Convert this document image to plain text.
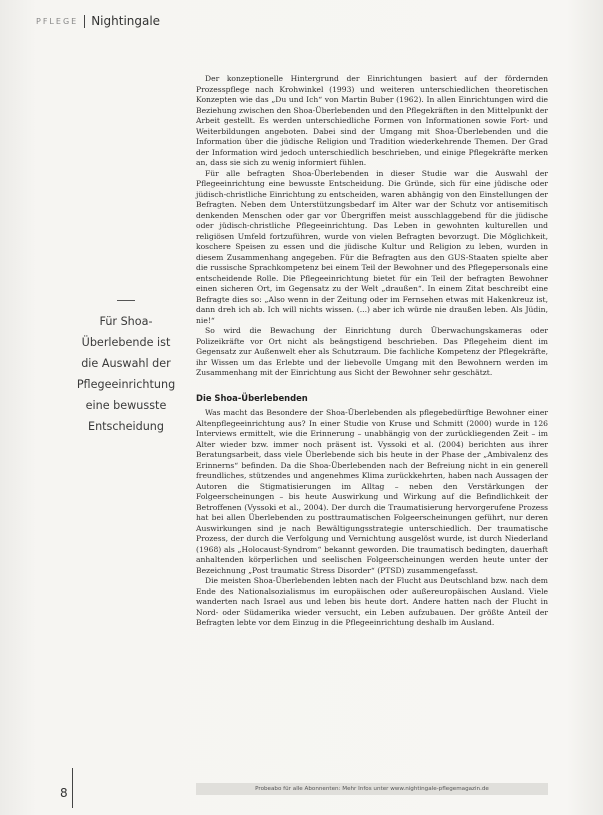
PFLEGE Nightingale
Für Shoa-
Überlebende ist
die Auswahl der
Pflegeeinrichtung
eine bewusste
Entscheidung

Der konzeptionelle Hintergrund der Einrichtungen basiert auf der fördernden Prozesspflege nach Krohwinkel (1993) und weiteren unterschiedlichen theoretischen Konzepten wie das „Du und Ich“ von Martin Buber (1962). In allen Einrichtungen wird die Beziehung zwischen den Shoa-Überlebenden und den Pflegekräften in den Mittelpunkt der Arbeit gestellt. Es werden unterschiedliche Formen von Informationen sowie Fort- und Weiterbildungen angeboten. Dabei sind der Umgang mit Shoa-Überlebenden und die Information über die jüdische Religion und Tradition wiederkehrende Themen. Der Grad der Information wird jedoch unterschiedlich beschrieben, und einige Pflegekräfte merken an, dass sie sich zu wenig informiert fühlen.

Für alle befragten Shoa-Überlebenden in dieser Studie war die Auswahl der Pflegeeinrichtung eine bewusste Entscheidung. Die Gründe, sich für eine jüdische oder jüdisch-christliche Einrichtung zu entscheiden, waren abhängig von den Einstellungen der Befragten. Neben dem Unterstützungsbedarf im Alter war der Schutz vor antisemitisch denkenden Menschen oder gar vor Übergriffen meist ausschlaggebend für die jüdische oder jüdisch-christliche Pflegeeinrichtung. Das Leben in gewohnten kulturellen und religiösen Umfeld fortzuführen, wurde von vielen Befragten bevorzugt. Die Möglichkeit, koschere Speisen zu essen und die jüdische Kultur und Religion zu leben, wurden in diesem Zusammenhang angegeben. Für die Befragten aus den GUS-Staaten spielte aber die russische Sprachkompetenz bei einem Teil der Bewohner und des Pflegepersonals eine entscheidende Rolle. Die Pflegeeinrichtung bietet für ein Teil der befragten Bewohner einen sicheren Ort, im Gegensatz zu der Welt „draußen“. In einem Zitat beschreibt eine Befragte dies so: „Also wenn in der Zeitung oder im Fernsehen etwas mit Hakenkreuz ist, dann dreh ich ab. Ich will nichts wissen. (...) aber ich würde nie draußen leben. Als Jüdin, nie!“

So wird die Bewachung der Einrichtung durch Überwachungskameras oder Polizeikräfte vor Ort nicht als beängstigend beschrieben. Das Pflegeheim dient im Gegensatz zur Außenwelt eher als Schutzraum. Die fachliche Kompetenz der Pflegekräfte, ihr Wissen um das Erlebte und der liebevolle Umgang mit den Bewohnern werden im Zusammenhang mit der Einrichtung aus Sicht der Bewohner sehr geschätzt.

Die Shoa-Überlebenden

Was macht das Besondere der Shoa-Überlebenden als pflegebedürftige Bewohner einer Altenpflegeeinrichtung aus? In einer Studie von Kruse und Schmitt (2000) wurde in 126 Interviews ermittelt, wie die Erinnerung – unabhängig von der zurückliegenden Zeit – im Alter wieder bzw. immer noch präsent ist. Vyssoki et al. (2004) berichten aus ihrer Beratungsarbeit, dass viele Überlebende sich bis heute in der Phase der „Ambivalenz des Erinnerns“ befinden. Da die Shoa-Überlebenden nach der Befreiung nicht in ein generell freundliches, stützendes und angenehmes Klima zurückkehrten, haben nach Aussagen der Autoren die Stigmatisierungen im Alltag – neben den Verstärkungen der Folgeerscheinungen – bis heute Auswirkung und Wirkung auf die Befindlichkeit der Betroffenen (Vyssoki et al., 2004). Der durch die Traumatisierung hervorgerufene Prozess hat bei allen Überlebenden zu posttraumatischen Folgeerscheinungen geführt, nur deren Auswirkungen sind je nach Bewältigungsstrategie unterschiedlich. Der traumatische Prozess, der durch die Verfolgung und Vernichtung ausgelöst wurde, ist durch Niederland (1968) als „Holocaust-Syndrom“ bekannt geworden. Die traumatisch bedingten, dauerhaft anhaltenden körperlichen und seelischen Folgeerscheinungen werden heute unter der Bezeichnung „Post traumatic Stress Disorder“ (PTSD) zusammengefasst.

Die meisten Shoa-Überlebenden lebten nach der Flucht aus Deutschland bzw. nach dem Ende des Nationalsozialismus im europäischen oder außereuropäischen Ausland. Viele wanderten nach Israel aus und leben bis heute dort. Andere hatten nach der Flucht in Nord- oder Südamerika wieder versucht, ein Leben aufzubauen. Der größte Anteil der Befragten lebte vor dem Einzug in die Pflegeeinrichtung deshalb im Ausland.

8	Probeabo für alle Abonnenten: Mehr Infos unter www.nightingale-pflegemagazin.de
